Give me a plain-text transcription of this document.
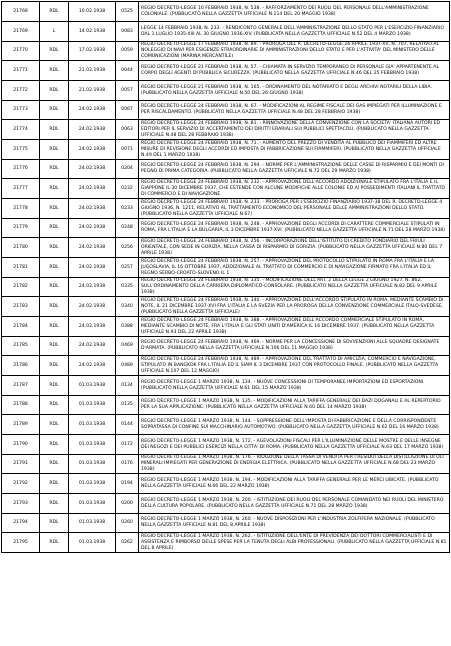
21768	RDL	10.02.1938	0525	REGIO DECRETO-LEGGE 10 FEBBRAIO 1938, N. 538. - RAFFORZAMENTO DEI RUOLI DEL PERSONALE DELL'AMMINISTRAZIONE COLONIALE. (PUBBLICATO NELLA GAZZETTA UFFICIALE N.114 DEL 20 MAGGIO 1938)
21769	L	14.02.1938	0083	LEGGE 14 FEBBRAIO 1938, N. 233. - RENDICONTO GENERALE DELL'AMMINISTRAZIONE DELLO STATO PER L'ESERCIZIO FINANZIARIO DAL 1 LUGLIO 1935-XIII AL 30 GIUGNO 1936-XIV. (PUBBLICATA NELLA GAZZETTA UFFICIALE N.52 DEL 4 MARZO 1938)
21770	RDL	17.02.1938	0059	REGIO DECRETO-LEGGE 17 FEBBRAIO 1938, N. 89. - PROROGA DEL R. DECRETO-LEGGE 26 APRILE 1937-XV, N. 707, RELATIVO AL NOLEGGIO DI NAVI PER ESIGENZE STRAORDINARIE DI AMMINISTRAZIONI DELLO STATO E PER L'ATTIVITA' DEL MINISTERO DELLE COMUNICAZIONI (MARINA MERCANTILE)
21771	RDL	21.02.1938	0044	REGIO DECRETO-LEGGE 21 FEBBRAIO 1938, N. 57. - CHIAMATA IN SERVIZIO TEMPORANEO DI PERSONALE GIA' APPARTENENTE AL CORPO DEGLI AGENTI DI PUBBLICA SICUREZZA. (PUBBLICATO NELLA GAZZETTA UFFICIALE N.46 DEL 25 FEBBRAIO 1938)
21772	RDL	21.02.1938	0057	REGIO DECRETO-LEGGE 21 FEBBRAIO 1938, N. 165. - ORDINAMENTO DEL NOTARIATO E DEGLI ARCHIVI NOTARILI DELLA LIBIA. (PUBBLICATO NELLA GAZZETTA UFFICIALE N.50 DEL 26 GIUGNO 1938)
21773	RDL	24.02.1938	0067	REGIO DECRETO-LEGGE 24 FEBBRAIO 1938, N. 67. - MODIFICAZIONI AL REGIME FISCALE DEI GAS IMPIEGATI PER ILLUMINAZIONE E PER RISCALDAMENTO. (PUBBLICATO NELLA GAZZETTA UFFICIALE N.48 DEL 28 FEBBRAIO 1938)
21774	RDL	24.02.1938	0063	REGIO DECRETO-LEGGE 24 FEBBRAIO 1938, N. 81. - RINNOVAZIONE DELLA CONVENZIONE CON LA SOCIETA' ITALIANA AUTORI ED EDITORI PER IL SERVIZIO DI ACCERTAMENTO DEI DIRITTI ERARIALI SUI PUBBLICI SPETTACOLI. (PUBBLICATO NELLA GAZZETTA UFFICIALE N.48 DEL 28 FEBBRAIO 1938)
21775	RDL	24.02.1938	0071	REGIO DECRETO-LEGGE 24 FEBBRAIO 1938, N. 71. - AUMENTO DEL PREZZO DI VENDITA AL PUBBLICO DEI FIAMMIFERI ED ALTRE MISURE DI REVISIONE DEGLI ACCORDI ED IMPOSTA DI FABBRICAZIONE SUI FIAMMIFERI. (PUBBLICATO NELLA GAZZETTA UFFICIALE N.49 DEL 1 MARZO 1938)
21776	RDL	24.02.1938	0204	REGIO DECRETO-LEGGE 24 FEBBRAIO 1938, N. 294. - NORME PER L'AMMINISTRAZIONE DELLE CASSE DI RISPARMIO E DEI MONTI DI PEGNO DI PRIMA CATEGORIA. (PUBBLICATO NELLA GAZZETTA UFFICIALE N.72 DEL 29 MARZO 1938)
21777	RDL	24.02.1938	0232	REGIO DECRETO-LEGGE 24 FEBBRAIO 1938, N. 232. - APPROVAZIONE DELL'ACCORDO ADDIZIONALE STIPULATO FRA L'ITALIA E IL GIAPPONE IL 30 DICEMBRE 1937, CHE ESTENDE CON ALCUNE MODIFICHE ALLE COLONIE ED AI POSSEDIMENTI ITALIANI IL TRATTATO DI COMMERCIO E DI NAVIGAZIONE
21778	RDL	24.02.1938	0233	REGIO DECRETO-LEGGE 24 FEBBRAIO 1938, N. 233. - PROROGA PER L'ESERCIZIO FINANZIARIO 1937-38 DEL R. DECRETO-LEGGE 4 GIUGNO 1936, N. 1211, RELATIVO AL TRATTAMENTO ECONOMICO DEL PERSONALE DELLE AMMINISTRAZIONI DELLO STATO. (PUBBLICATO NELLA GAZZETTA UFFICIALE N.67)
21779	RDL	24.02.1938	0248	REGIO DECRETO-LEGGE 24 FEBBRAIO 1938, N. 248. - APPROVAZIONE DEGLI ACCORDI DI CARATTERE COMMERCIALE STIPULATI IN ROMA, FRA L'ITALIA E LA BULGARIA, IL 3 DICEMBRE 1937-XVI. (PUBBLICATO NELLA GAZZETTA UFFICIALE N.71 DEL 28 MARZO 1938)
21780	RDL	24.02.1938	0256	REGIO DECRETO-LEGGE 24 FEBBRAIO 1938, N. 256. - INCORPORAZIONE DELL'ISTITUTO DI CREDITO FONDIARIO DEL FRIULI ORIENTALE, CON SEDE IN GORIZIA, NELLA CASSA DI RISPARMIO DI GORIZIA. (PUBBLICATO NELLA GAZZETTA UFFICIALE N.80 DEL 7 APRILE 1938)
21781	RDL	24.02.1938	0257	REGIO DECRETO-LEGGE 24 FEBBRAIO 1938, N. 257. - APPROVAZIONE DEL PROTOCOLLO STIPULATO IN ROMA FRA L'ITALIA E LA JUGOSLAVIA, IL 16 OTTOBRE 1937, ADDIZIONALE AL TRATTATO DI COMMERCIO E DI NAVIGAZIONE FIRMATO FRA L'ITALIA ED IL REGNO SERBO-CROATO-SLOVENO IL 1
21782	RDL	24.02.1938	0335	REGIO DECRETO-LEGGE 24 FEBBRAIO 1938, N. 335. - MODIFICAZIONE DELL'ART. 2 DELLA LEGGE 2 GIUGNO 1927, N. 862, SULL'ORDINAMENTO DELLA CARRIERA DIPLOMATICO-CONSOLARE. (PUBBLICATO NELLA GAZZETTA UFFICIALE N.82 DEL 9 APRILE 1938)
21783	RDL	24.02.1938	0340	REGIO DECRETO-LEGGE 24 FEBBRAIO 1938, N. 340. - APPROVAZIONE DELL'ACCORDO STIPULATO IN ROMA, MEDIANTE SCAMBIO DI NOTE, IL 21 DICEMBRE 1937-XVI FRA L'ITALIA E LA SVEZIA PER LA PROROGA DELLA CONVENZIONE COMMERCIALE ITALO-SVEDESE. (PUBBLICATO NELLA GAZZETTA UFFICIALE)
21784	RDL	24.02.1938	0388	REGIO DECRETO-LEGGE 24 FEBBRAIO 1938, N. 388. - APPROVAZIONE DELL'ACCORDO COMMERCIALE STIPULATO IN ROMA, MEDIANTE SCAMBIO DI NOTE, FRA L'ITALIA E GLI STATI UNITI D'AMERICA IL 16 DICEMBRE 1937. (PUBBLICATO NELLA GAZZETTA UFFICIALE N.93 DEL 22 APRILE 1938)
21785	RDL	24.02.1938	0469	REGIO DECRETO-LEGGE 24 FEBBRAIO 1938, N. 469. - NORME PER LA CONCESSIONE DI SOVVENZIONI ALLE SQUADRE DESIGNATE D'ARMATA. (PUBBLICATO NELLA GAZZETTA UFFICIALE N.106 DEL 11 MAGGIO 1938)
21786	RDL	24.02.1938	0489	REGIO DECRETO-LEGGE 24 FEBBRAIO 1938, N. 489. - APPROVAZIONE DEL TRATTATO DI AMICIZIA, COMMERCIO E NAVIGAZIONE, STIPULATO IN BANGKOK FRA L'ITALIA ED IL SIAM IL 3 DICEMBRE 1937 CON PROTOCOLLO FINALE. (PUBBLICATO NELLA GAZZETTA UFFICIALE N.107 DEL 12 MAGGIO)
21787	RDL	01.03.1938	0134	REGIO DECRETO-LEGGE 1 MARZO 1938, N. 134. - NUOVE CONCESSIONI DI TEMPORANEE IMPORTAZIONI ED ESPORTAZIONI. (PUBBLICATO NELLA GAZZETTA UFFICIALE N.61 DEL 15 MARZO 1938)
21788	RDL	01.03.1938	0135	REGIO DECRETO-LEGGE 1 MARZO 1938, N. 135. - MODIFICAZIONI ALLA TARIFFA GENERALE DEI DAZI DOGANALI E AL REPERTORIO PER LA SUA APPLICAZIONE. (PUBBLICATO NELLA GAZZETTA UFFICIALE N.60 DEL 14 MARZO 1938)
21789	RDL	01.03.1938	0144	REGIO DECRETO-LEGGE 1 MARZO 1938, N. 144. - SOPPRESSIONE DELL'IMPOSTA DI FABBRICAZIONE E DELLA CORRISPONDENTE SOPRATASSA DI CONFINE SUI MACCHINARIO AUTOMOTIVO. (PUBBLICATO NELLA GAZZETTA UFFICIALE N.62 DEL 16 MARZO 1938)
21790	RDL	01.03.1938	0172	REGIO DECRETO-LEGGE 1 MARZO 1938, N. 172. - AGEVOLAZIONI FISCALI PER L'ILLUMINAZIONE DELLE MOSTRE E DELLE INSEGNE DEI NEGOZI E DEI PUBBLICI ESERCIZI NELLA CITTA' DI ROMA. (PUBBLICATO NELLA GAZZETTA UFFICIALE N.63 DEL 17 MARZO 1938)
21791	RDL	01.03.1938	0176	REGIO DECRETO-LEGGE 1 MARZO 1938, N. 176. - RIDUZIONE DELLA TASSA DI VENDITA PER I RESIDUI DELLA DISTILLAZIONE DI OLI MINERALI IMPIEGATI PER GENERAZIONE DI ENERGIA ELETTRICA. (PUBBLICATO NELLA GAZZETTA UFFICIALE N.68 DEL 23 MARZO 1938)
21792	RDL	01.03.1938	0194	REGIO DECRETO-LEGGE 1 MARZO 1938, N. 194. - MODIFICAZIONI ALLA TARIFFA GENERALE PER LE MERCI UBICATE. (PUBBLICATO NELLA GAZZETTA UFFICIALE N.66 DEL 22 MARZO 1938)
21793	RDL	01.03.1938	0200	REGIO DECRETO-LEGGE 1 MARZO 1938, N. 200. - ISTITUZIONE DEI RUOLI DEL PERSONALE COMANDATO NEI RUOLI DEL MINISTERO DELLA CULTURA POPOLARE. (PUBBLICATO NELLA GAZZETTA UFFICIALE N.71 DEL 28 MARZO 1938)
21794	RDL	01.03.1938	0260	REGIO DECRETO-LEGGE 1 MARZO 1938, N. 260. - NUOVE DISPOSIZIONI PER L'INDUSTRIA ZOLFIFERA NAZIONALE. (PUBBLICATO NELLA GAZZETTA UFFICIALE N.81 DEL 8 APRILE 1938)
21795	RDL	01.03.1938	0262	REGIO DECRETO-LEGGE 1 MARZO 1938, N. 262. - ISTITUZIONE DELL'ENTE DI PREVIDENZA DEI DOTTORI COMMERCIALISTI E DI ASSISTENZA E RIMBORSO DELLE SPESE PER LA TENUTA DEGLI ALBI PROFESSIONALI. (PUBBLICATO NELLA GAZZETTA UFFICIALE N.81 DEL 8 APRILE)
